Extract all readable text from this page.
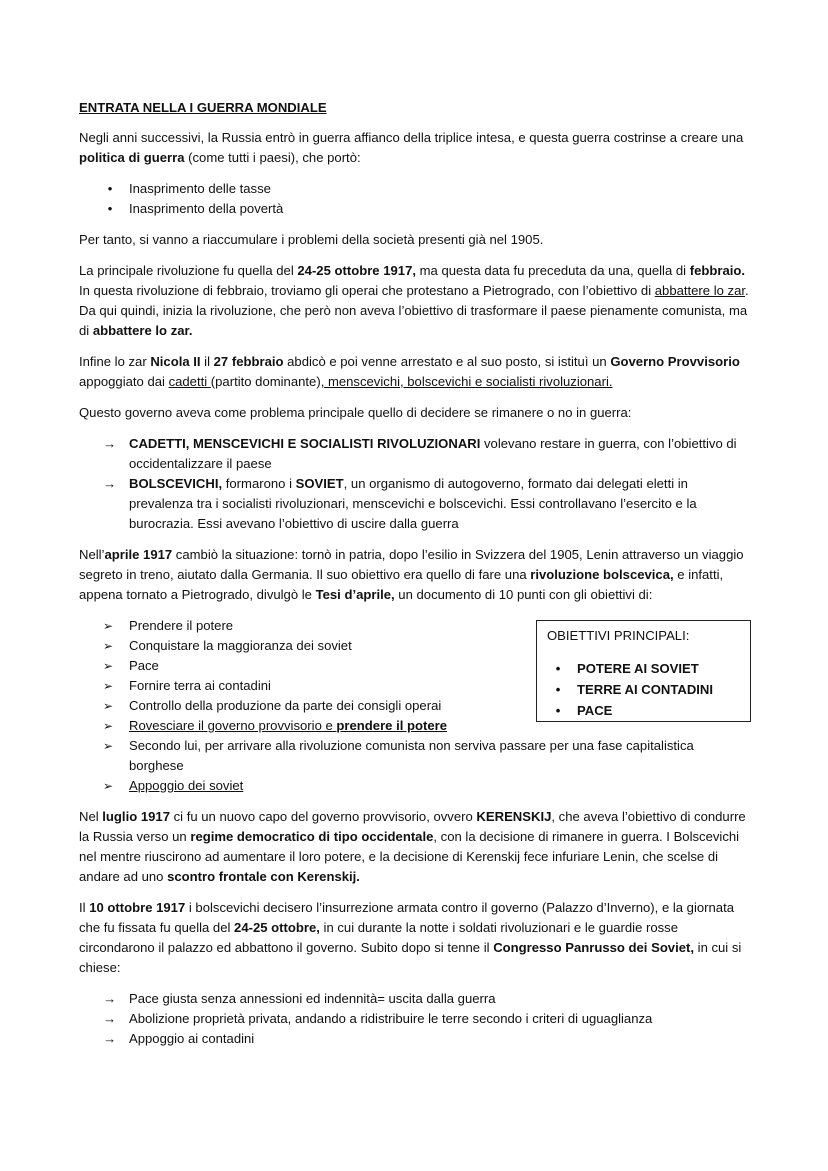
ENTRATA NELLA I GUERRA MONDIALE

Negli anni successivi, la Russia entrò in guerra affianco della triplice intesa, e questa guerra costrinse a creare una politica di guerra (come tutti i paesi), che portò:

•	Inasprimento delle tasse
•	Inasprimento della povertà

Per tanto, si vanno a riaccumulare i problemi della società presenti già nel 1905.

La principale rivoluzione fu quella del 24-25 ottobre 1917, ma questa data fu preceduta da una, quella di febbraio. In questa rivoluzione di febbraio, troviamo gli operai che protestano a Pietrogrado, con l’obiettivo di abbattere lo zar. Da qui quindi, inizia la rivoluzione, che però non aveva l’obiettivo di trasformare il paese pienamente comunista, ma di abbattere lo zar.

Infine lo zar Nicola II il 27 febbraio abdicò e poi venne arrestato e al suo posto, si istituì un Governo Provvisorio appoggiato dai cadetti (partito dominante), menscevichi, bolscevichi e socialisti rivoluzionari.

Questo governo aveva come problema principale quello di decidere se rimanere o no in guerra:

→ CADETTI, MENSCEVICHI E SOCIALISTI RIVOLUZIONARI volevano restare in guerra, con l’obiettivo di occidentalizzare il paese
→ BOLSCEVICHI, formarono i SOVIET, un organismo di autogoverno, formato dai delegati eletti in prevalenza tra i socialisti rivoluzionari, menscevichi e bolscevichi. Essi controllavano l’esercito e la burocrazia. Essi avevano l’obiettivo di uscire dalla guerra

Nell’aprile 1917 cambiò la situazione: tornò in patria, dopo l’esilio in Svizzera del 1905, Lenin attraverso un viaggio segreto in treno, aiutato dalla Germania. Il suo obiettivo era quello di fare una rivoluzione bolscevica, e infatti, appena tornato a Pietrogrado, divulgò le Tesi d’aprile, un documento di 10 punti con gli obiettivi di:

➢	Prendere il potere
➢	Conquistare la maggioranza dei soviet
➢	Pace
➢	Fornire terra ai contadini
➢	Controllo della produzione da parte dei consigli operai
➢	Rovesciare il governo provvisorio e prendere il potere
➢	Secondo lui, per arrivare alla rivoluzione comunista non serviva passare per una fase capitalistica borghese
➢	Appoggio dei soviet
OBIETTIVI PRINCIPALI:
•	POTERE AI SOVIET
•	TERRE AI CONTADINI
•	PACE

Nel luglio 1917 ci fu un nuovo capo del governo provvisorio, ovvero KERENSKIJ, che aveva l’obiettivo di condurre la Russia verso un regime democratico di tipo occidentale, con la decisione di rimanere in guerra. I Bolscevichi nel mentre riuscirono ad aumentare il loro potere, e la decisione di Kerenskij fece infuriare Lenin, che scelse di andare ad uno scontro frontale con Kerenskij.

Il 10 ottobre 1917 i bolscevichi decisero l’insurrezione armata contro il governo (Palazzo d’Inverno), e la giornata che fu fissata fu quella del 24-25 ottobre, in cui durante la notte i soldati rivoluzionari e le guardie rosse circondarono il palazzo ed abbattono il governo. Subito dopo si tenne il Congresso Panrusso dei Soviet, in cui si chiese:

→ Pace giusta senza annessioni ed indennità= uscita dalla guerra
→ Abolizione proprietà privata, andando a ridistribuire le terre secondo i criteri di uguaglianza
→ Appoggio ai contadini
